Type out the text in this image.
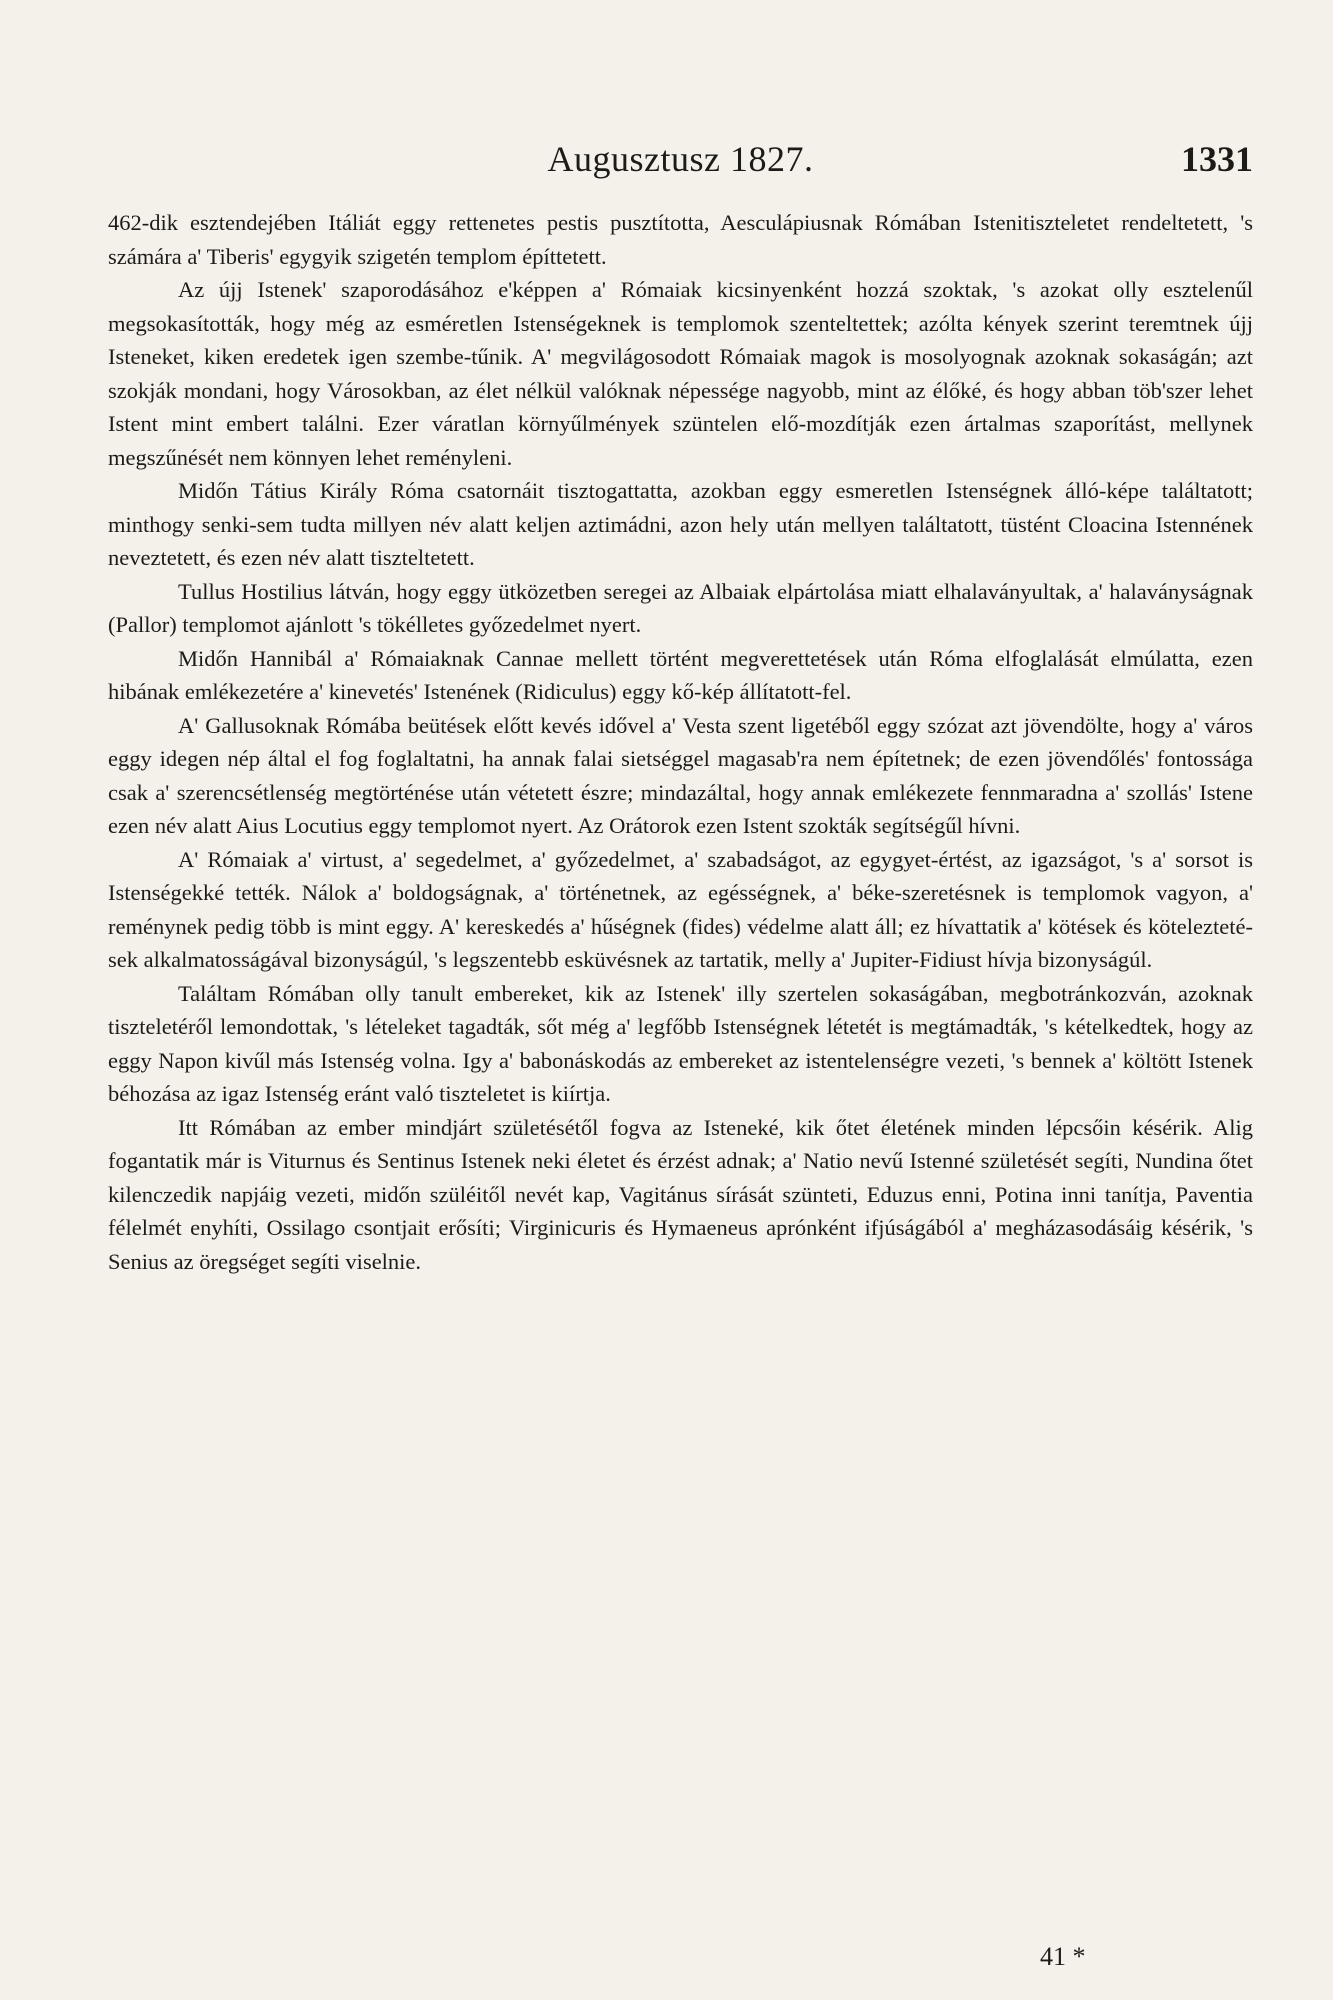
Augusztusz 1827.	1331

462-dik esztendejében Itáliát eggy rettenetes pestis pusztította, Aesculápiusnak Rómában Istenitiszteletet rendeltetett, 's számára a' Tiberis' egygyik szigetén templom építtetett.

Az újj Istenek' szaporodásához e'képpen a' Rómaiak kicsinyenként hozzá szoktak, 's azokat olly esztelenűl megsokasították, hogy még az esméretlen Istenségeknek is templomok szenteltettek; azólta kények szerint teremtnek újj Isteneket, kiken eredetek igen szembe-tűnik. A' megvilágosodott Rómaiak magok is mosolyognak azoknak sokaságán; azt szokják mondani, hogy Városokban, az élet nélkül valóknak népessége nagyobb, mint az élőké, és hogy abban töb'szer lehet Istent mint embert találni. Ezer váratlan környűlmények szüntelen elő-mozdítják ezen ártalmas szaporítást, mellynek megszűnését nem könnyen lehet reményleni.

Midőn Tátius Király Róma csatornáit tisztogattatta, azokban eggy esmeretlen Istenségnek álló-képe találtatott; minthogy senki-sem tudta millyen név alatt keljen aztimádni, azon hely után mellyen találtatott, tüstént Cloacina Istennének neveztetett, és ezen név alatt tiszteltetett.

Tullus Hostilius látván, hogy eggy ütközetben seregei az Albaiak elpártolása miatt elhalaványultak, a' halaványságnak (Pallor) templomot ajánlott 's tökélletes győzedelmet nyert.

Midőn Hannibál a' Rómaiaknak Cannae mellett történt megverettetések után Róma elfoglalását elmúlatta, ezen hibának emlékezetére a' kinevetés' Istenének (Ridiculus) eggy kő-kép állítatott-fel.

A' Gallusoknak Rómába beütések előtt kevés idővel a' Vesta szent ligetéből eggy szózat azt jövendölte, hogy a' város eggy idegen nép által el fog foglaltatni, ha annak falai sietséggel magasab'ra nem építetnek; de ezen jövendőlés' fontossága csak a' szerencsétlenség megtörténése után vétetett észre; mindazáltal, hogy annak emlékezete fennmaradna a' szollás' Istene ezen név alatt Aius Locutius eggy templomot nyert. Az Orátorok ezen Istent szokták segítségűl hívni.

A' Rómaiak a' virtust, a' segedelmet, a' győzedelmet, a' szabadságot, az egygyet-értést, az igazságot, 's a' sorsot is Istenségekké tették. Nálok a' boldogságnak, a' történetnek, az egésségnek, a' béke-szeretésnek is templomok vagyon, a' reménynek pedig több is mint eggy. A' kereskedés a' hűségnek (fides) védelme alatt áll; ez hívattatik a' kötések és köteleztetések alkalmatosságával bizonyságúl, 's legszentebb esküvésnek az tartatik, melly a' Jupiter-Fidiust hívja bizonyságúl.

Találtam Rómában olly tanult embereket, kik az Istenek' illy szertelen sokaságában, megbotránkozván, azoknak tiszteletéről lemondottak, 's lételeket tagadták, sőt még a' legfőbb Istenségnek létetét is megtámadták, 's kételkedtek, hogy az eggy Napon kivűl más Istenség volna. Igy a' babonáskodás az embereket az istentelenségre vezeti, 's bennek a' költött Istenek béhozása az igaz Istenség eránt való tiszteletet is kiírtja.

Itt Rómában az ember mindjárt születésétől fogva az Isteneké, kik őtet életének minden lépcsőin késérik. Alig fogantatik már is Viturnus és Sentinus Istenek neki életet és érzést adnak; a' Natio nevű Istenné születését segíti, Nundina őtet kilenczedik napjáig vezeti, midőn szüléitől nevét kap, Vagitánus sírását szünteti, Eduzus enni, Potina inni tanítja, Paventia félelmét enyhíti, Ossilago csontjait erősíti; Virginicuris és Hymaeneus aprónként ifjúságából a' megházasodásáig késérik, 's Senius az öregséget segíti viselnie.

41 *
